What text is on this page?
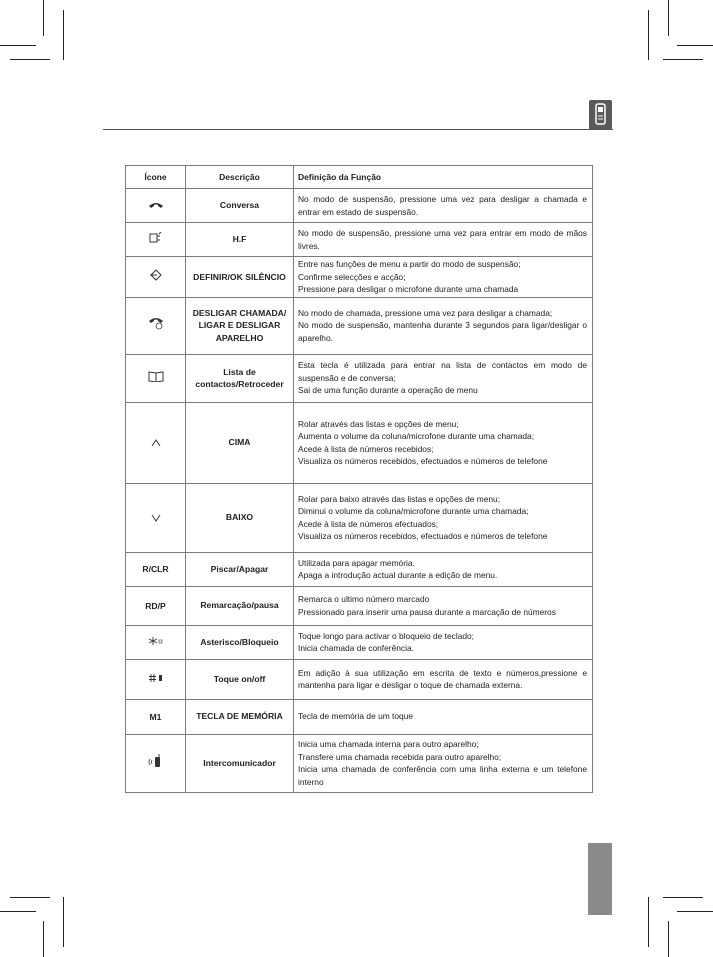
Ícone	Descrição	Definição da Função
	Conversa	No modo de suspensão, pressione uma vez para desligar a chamada e entrar em estado de suspensão.

	H.F	No modo de suspensão, pressione uma vez para entrar em modo de mãos livres.

	DEFINIR/OK SILÊNCIO	Entre nas funções de menu a partir do modo de suspensão;
Confirme selecções e acção;
Pressione para desligar o microfone durante uma chamada

	DESLIGAR CHAMADA/ LIGAR E DESLIGAR APARELHO	No modo de chamada, pressione uma vez para desligar a chamada;
No modo de suspensão, mantenha durante 3 segundos para ligar/desligar o aparelho.

	Lista de contactos/Retroceder	Esta tecla é utilizada para entrar na lista de contactos em modo de suspensão e de conversa;
Sai de uma função durante a operação de menu

	CIMA	Rolar através das listas e opções de menu;
Aumenta o volume da coluna/microfone durante uma chamada;
Acede à lista de números recebidos;
Visualiza os números recebidos, efectuados e números de telefone

	BAIXO	Rolar para baixo através das listas e opções de menu;
Diminui o volume da coluna/microfone durante uma chamada;
Acede à lista de números efectuados;
Visualiza os números recebidos, efectuados e números de telefone

R/CLR	Piscar/Apagar	Utilizada para apagar memória.
Apaga a introdução actual durante a edição de menu.

RD/P	Remarcação/pausa	Remarca o ultimo número marcado
Pressionado para inserir uma pausa durante a marcação de números

	Asterisco/Bloqueio	Toque longo para activar o bloqueio de teclado;
Inicia chamada de conferência.

	Toque on/off	Em adição à sua utilização em escrita de texto e números,pressione e mantenha para ligar e desligar o toque de chamada externa.

M1	TECLA DE MEMÓRIA	Tecla de memória de um toque

	Intercomunicador	Inicia uma chamada interna para outro aparelho;
Transfere uma chamada recebida para outro aparelho;
Inicia uma chamada de conferência com uma linha externa e um telefone interno
